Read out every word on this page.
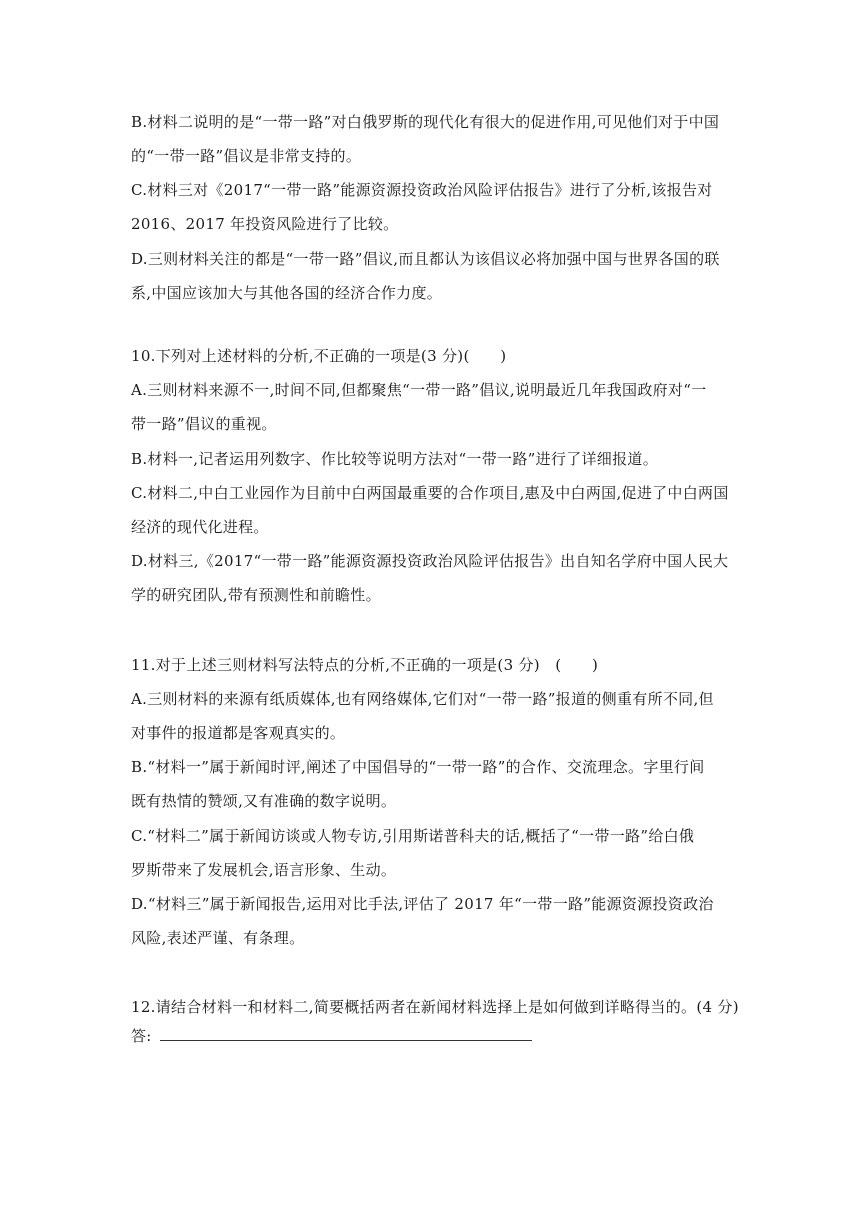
B.材料二说明的是“一带一路”对白俄罗斯的现代化有很大的促进作用,可见他们对于中国
的“一带一路”倡议是非常支持的。
C.材料三对《2017“一带一路”能源资源投资政治风险评估报告》进行了分析,该报告对
2016、2017 年投资风险进行了比较。
D.三则材料关注的都是“一带一路”倡议,而且都认为该倡议必将加强中国与世界各国的联
系,中国应该加大与其他各国的经济合作力度。
10.下列对上述材料的分析,不正确的一项是(3 分)(　　)
A.三则材料来源不一,时间不同,但都聚焦“一带一路”倡议,说明最近几年我国政府对“一
带一路”倡议的重视。
B.材料一,记者运用列数字、作比较等说明方法对“一带一路”进行了详细报道。
C.材料二,中白工业园作为目前中白两国最重要的合作项目,惠及中白两国,促进了中白两国
经济的现代化进程。
D.材料三,《2017“一带一路”能源资源投资政治风险评估报告》出自知名学府中国人民大
学的研究团队,带有预测性和前瞻性。
11.对于上述三则材料写法特点的分析,不正确的一项是(3 分)　(　　)
A.三则材料的来源有纸质媒体,也有网络媒体,它们对“一带一路”报道的侧重有所不同,但
对事件的报道都是客观真实的。
B.“材料一”属于新闻时评,阐述了中国倡导的“一带一路”的合作、交流理念。字里行间
既有热情的赞颂,又有准确的数字说明。
C.“材料二”属于新闻访谈或人物专访,引用斯诺普科夫的话,概括了“一带一路”给白俄
罗斯带来了发展机会,语言形象、生动。
D.“材料三”属于新闻报告,运用对比手法,评估了 2017 年“一带一路”能源资源投资政治
风险,表述严谨、有条理。
12.请结合材料一和材料二,简要概括两者在新闻材料选择上是如何做到详略得当的。(4 分)
答:
